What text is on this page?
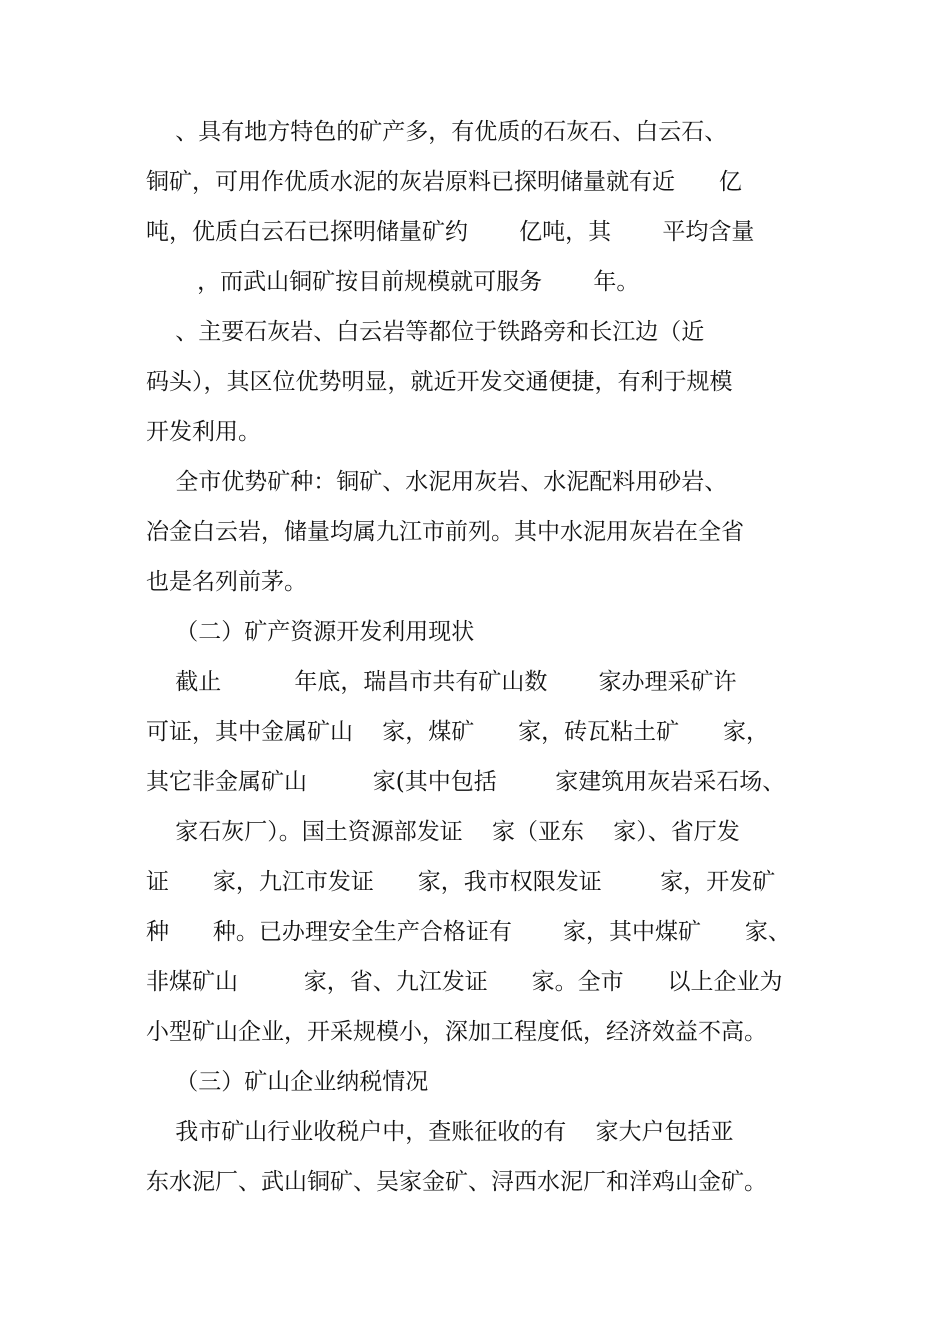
、具有地方特色的矿产多，有优质的石灰石、白云石、
铜矿，可用作优质水泥的灰岩原料已探明储量就有近      亿
吨，优质白云石已探明储量矿约       亿吨，其       平均含量
，而武山铜矿按目前规模就可服务       年。
、主要石灰岩、白云岩等都位于铁路旁和长江边（近
码头），其区位优势明显，就近开发交通便捷，有利于规模
开发利用。
全市优势矿种：铜矿、水泥用灰岩、水泥配料用砂岩、
冶金白云岩，储量均属九江市前列。其中水泥用灰岩在全省
也是名列前茅。
（二）矿产资源开发利用现状
截止          年底，瑞昌市共有矿山数       家办理采矿许
可证，其中金属矿山    家，煤矿      家，砖瓦粘土矿      家，
其它非金属矿山         家(其中包括        家建筑用灰岩采石场、
家石灰厂）。国土资源部发证    家（亚东    家）、省厅发
证      家，九江市发证      家，我市权限发证        家，开发矿
种      种。已办理安全生产合格证有       家，其中煤矿      家、
非煤矿山         家，省、九江发证      家。全市      以上企业为
小型矿山企业，开采规模小，深加工程度低，经济效益不高。
（三）矿山企业纳税情况
我市矿山行业收税户中，查账征收的有    家大户包括亚
东水泥厂、武山铜矿、吴家金矿、浔西水泥厂和洋鸡山金矿。
